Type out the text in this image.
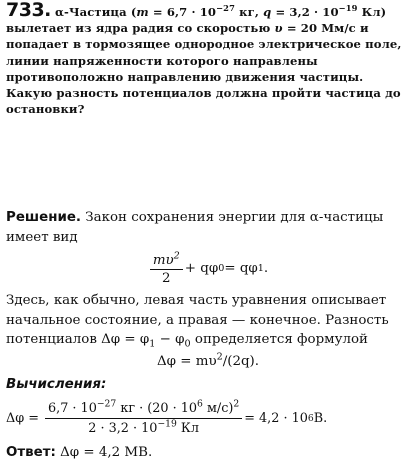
733. α-Частица ($m = 6,7 \cdot 10^{-27}$ кг, $q = 3,2 \cdot 10^{-19}$ Кл) вылетает из ядра радия со скоростью υ = 20 Мм/с и попадает в тормозящее однородное электрическое поле, линии напряженности которого направлены противоположно направлению движения частицы. Какую разность потенциалов должна пройти частица до остановки?

Решение. Закон сохранения энергии для α-частицы имеет вид

$\frac{m\upsilon^2}{2} + q\varphi$ 0 = qφ 1 .

Здесь, как обычно, левая часть уравнения описывает начальное состояние, а правая — конечное. Разность потенциалов $\Delta\varphi = \varphi_1 - \varphi_0$ определяется формулой

$\Delta\varphi = m\upsilon^2/(2q)$.

Вычисления:

$\Delta\varphi = \frac{6,7 \cdot 10^{-27} кг \cdot (20 \cdot 10^6 м/с)^2}{2 \cdot 3,2 \cdot 10^{-19} Кл} = 4,2 \cdot 10$ 6 В.

Ответ: Δφ = 4,2 МВ.
